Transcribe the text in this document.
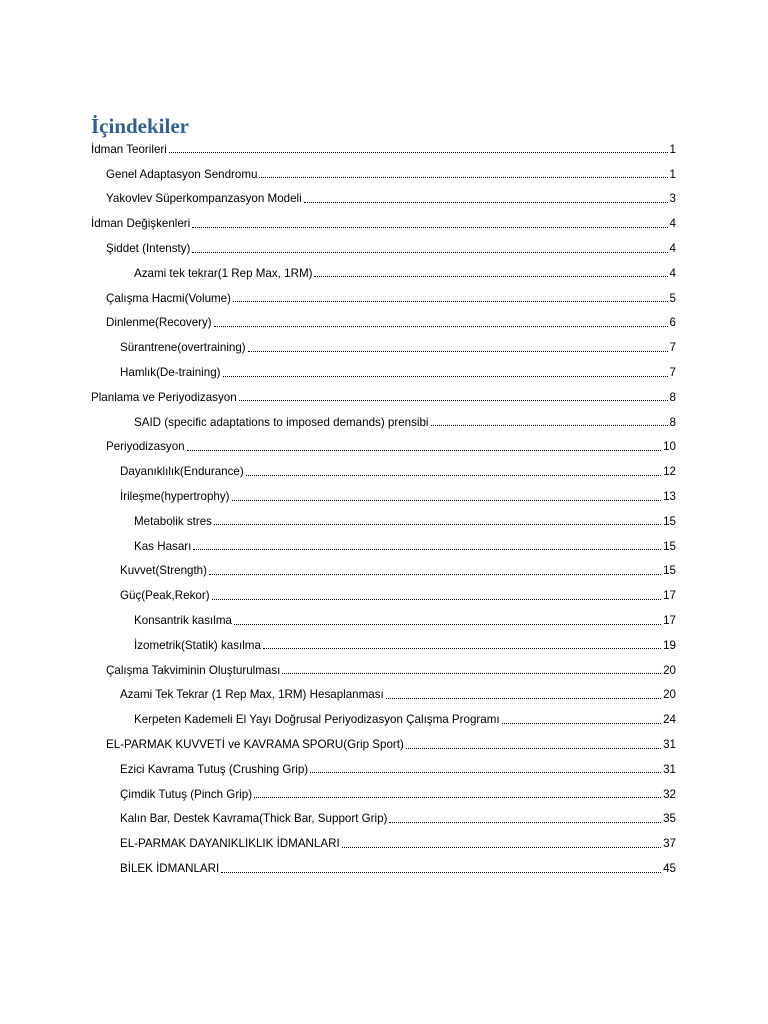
İçindekiler
İdman Teorileri	1
Genel Adaptasyon Sendromu	1
Yakovlev Süperkompanzasyon Modeli	3
İdman Değişkenleri	4
Şiddet (Intensty)	4
Azami tek tekrar(1 Rep Max, 1RM)	4
Çalışma Hacmi(Volume)	5
Dinlenme(Recovery)	6
Sürantrene(overtraining)	7
Hamlık(De-training)	7
Planlama ve Periyodizasyon	8
SAID (specific adaptations to imposed demands) prensibi	8
Periyodizasyon	10
Dayanıklılık(Endurance)	12
İrileşme(hypertrophy)	13
Metabolik stres	15
Kas Hasarı	15
Kuvvet(Strength)	15
Güç(Peak,Rekor)	17
Konsantrik kasılma	17
İzometrik(Statik) kasılma	19
Çalışma Takviminin Oluşturulması	20
Azami Tek Tekrar (1 Rep Max, 1RM) Hesaplanması	20
Kerpeten Kademeli El Yayı Doğrusal Periyodizasyon Çalışma Programı	24
EL-PARMAK KUVVETİ ve KAVRAMA SPORU(Grip Sport)	31
Ezici Kavrama Tutuş (Crushing Grip)	31
Çimdik Tutuş (Pinch Grip)	32
Kalın Bar, Destek Kavrama(Thick Bar, Support Grip)	35
EL-PARMAK DAYANIKLIKLIK İDMANLARI	37
BİLEK İDMANLARI	45
